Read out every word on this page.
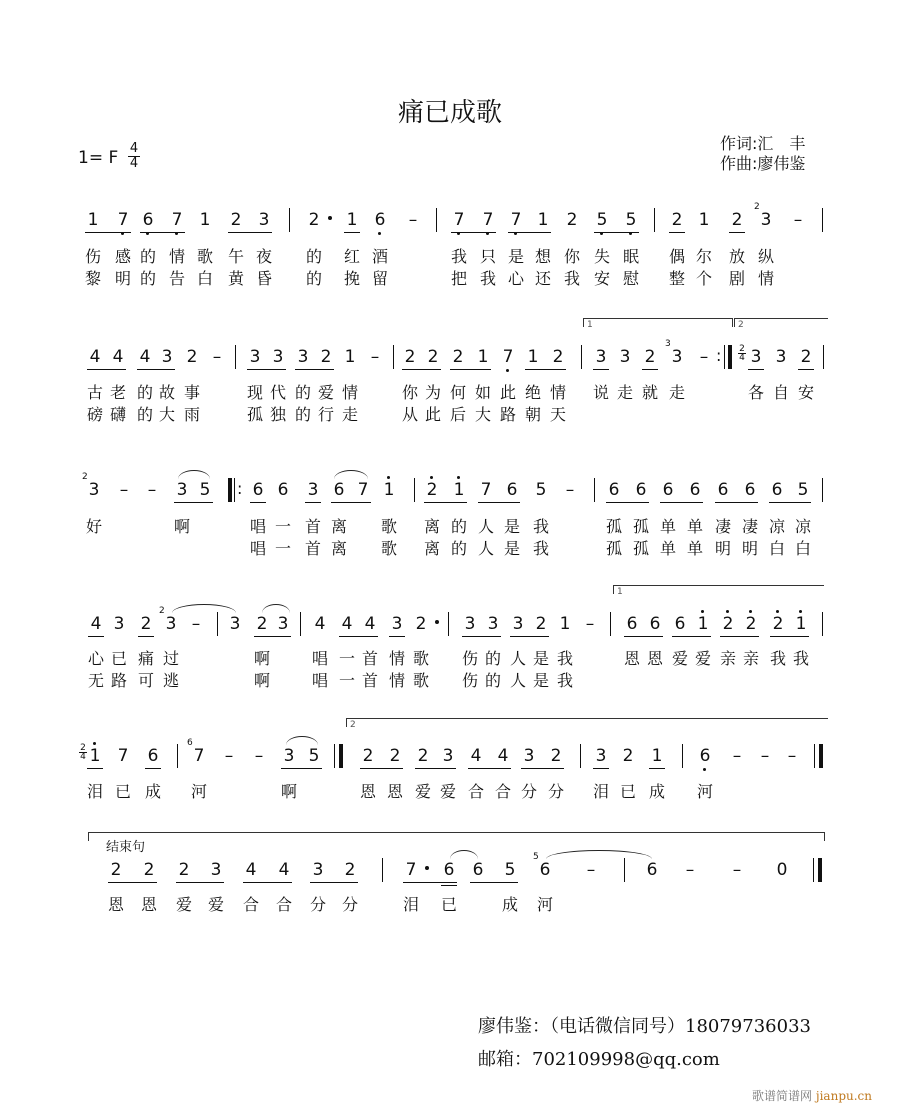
痛已成歌
1= F 4
4
作词:汇　丰
作曲:廖伟鉴
1 7 6 7 1 2 3 2 1 6 – 7 7 7 1 2 5 5 2 1 2 3
2
–
伤 感 的 情 歌 午 夜 的 红 酒	我 只 是 想 你 失 眠 偶 尔 放 纵
黎 明 的 告 白 黄 昏 的 挽 留	把 我 心 还 我 安 慰 整 个 剧 情
4 4 4 3 2 – 3 3 3 2 1 – 2 2 2 1 7 1 2 3 3 2 3
3
– 3 3 2
: 2
4
1	2
古 老 的 故 事	现 代 的 爱 情	你 为 何 如 此 绝 情 说 走 就 走	各 自 安
磅 礴 的 大 雨	孤 独 的 行 走	从 此 后 大 路 朝 天
3
2
– – 3 5 6 6 3 6 7 1 2 1 7 6 5 – 6 6 6 6 6 6 6 5
:
好	啊	唱 一 首 离 歌 离 的 人 是 我	孤 孤 单 单 凄 凄 凉 凉
唱 一 首 离 歌 离 的 人 是 我	孤 孤 单 单 明 明 白 白
4 3 2 3
2
– 3 2 3 4 4 4 3 2 3 3 3 2 1 – 6 6 6 1 2 2 2 1
1
心 已 痛 过	啊	唱 一 首 情 歌 伤 的 人 是 我	恩 恩 爱 爱 亲 亲 我 我
无 路 可 逃	啊	唱 一 首 情 歌 伤 的 人 是 我
1 7 6 7
6
– – 3 5	2 2 2 3 4 4 3 2 3 2 1 6 – – –
2
4
2
泪 已 成 河	啊	恩 恩 爱 爱 合 合 分 分 泪 已 成 河
2 2 2 3 4 4 3 2	7 6 6 5 6
5
–	6 – – 0
结束句
恩 恩 爱 爱 合 合 分 分	泪 已	成 河
廖伟鉴：（电话微信同号）18079736033
邮箱：702109998@qq.com
歌谱简谱网 jianpu.cn
